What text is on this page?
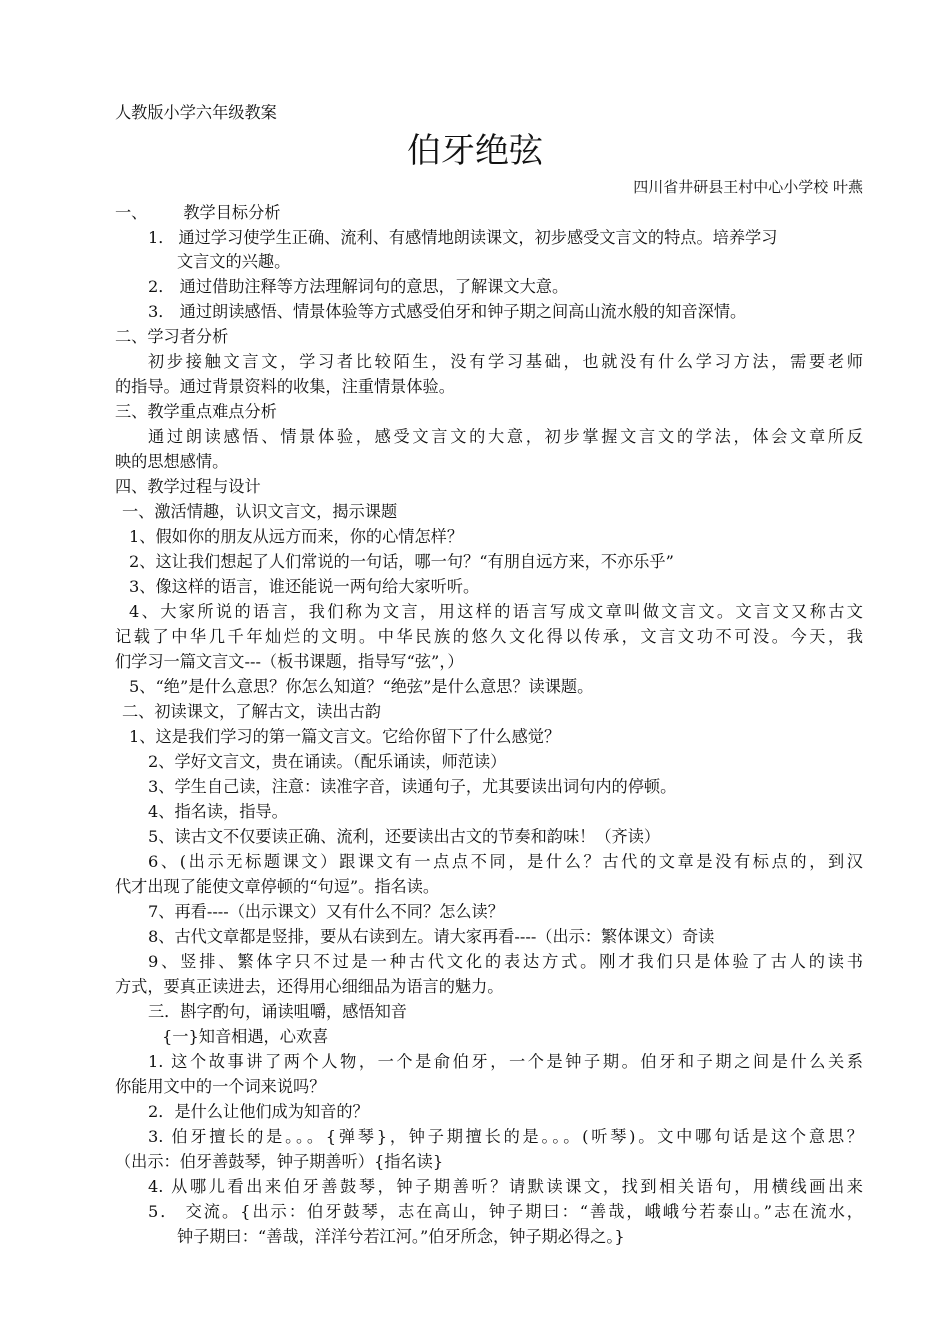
人教版小学六年级教案
伯牙绝弦
四川省井研县王村中心小学校 叶燕
一、 教学目标分析
1． 通过学习使学生正确、流利、有感情地朗读课文，初步感受文言文的特点。培养学习
文言文的兴趣。
2． 通过借助注释等方法理解词句的意思，了解课文大意。
3． 通过朗读感悟、情景体验等方式感受伯牙和钟子期之间高山流水般的知音深情。
二、学习者分析
初步接触文言文，学习者比较陌生，没有学习基础，也就没有什么学习方法，需要老师
的指导。通过背景资料的收集，注重情景体验。
三、教学重点难点分析
通过朗读感悟、情景体验，感受文言文的大意，初步掌握文言文的学法，体会文章所反
映的思想感情。
四、教学过程与设计
一、激活情趣，认识文言文，揭示课题
1、假如你的朋友从远方而来，你的心情怎样？
2、这让我们想起了人们常说的一句话，哪一句？“有朋自远方来，不亦乐乎”
3、像这样的语言，谁还能说一两句给大家听听。
4、大家所说的语言，我们称为文言，用这样的语言写成文章叫做文言文。文言文又称古文
记载了中华几千年灿烂的文明。中华民族的悠久文化得以传承，文言文功不可没。今天，我
们学习一篇文言文---（板书课题，指导写“弦”，）
5、“绝”是什么意思？你怎么知道？“绝弦”是什么意思？读课题。
二、初读课文，了解古文，读出古韵
1、这是我们学习的第一篇文言文。它给你留下了什么感觉？
2、学好文言文，贵在诵读。（配乐诵读，师范读）
3、学生自己读，注意：读准字音，读通句子，尤其要读出词句内的停顿。
4、指名读，指导。
5、读古文不仅要读正确、流利，还要读出古文的节奏和韵味！（齐读）
6、(出示无标题课文）跟课文有一点点不同，是什么？古代的文章是没有标点的，到汉
代才出现了能使文章停顿的“句逗”。指名读。
7、再看----（出示课文）又有什么不同？怎么读？
8、古代文章都是竖排，要从右读到左。请大家再看----（出示：繁体课文）奇读
9、竖排、繁体字只不过是一种古代文化的表达方式。刚才我们只是体验了古人的读书
方式，要真正读进去，还得用心细细品为语言的魅力。
三．斟字酌句，诵读咀嚼，感悟知音
{一}知音相遇，心欢喜
1. 这个故事讲了两个人物，一个是俞伯牙，一个是钟子期。伯牙和子期之间是什么关系
你能用文中的一个词来说吗？
2．是什么让他们成为知音的？
3. 伯牙擅长的是。。。{弹琴}，钟子期擅长的是。。。(听琴)。文中哪句话是这个意思？
（出示：伯牙善鼓琴，钟子期善听）{指名读}
4. 从哪儿看出来伯牙善鼓琴，钟子期善听？请默读课文，找到相关语句，用横线画出来
5． 交流。{出示：伯牙鼓琴，志在高山，钟子期曰：“善哉，峨峨兮若泰山。”志在流水，
钟子期曰：“善哉，洋洋兮若江河。”伯牙所念，钟子期必得之。}
